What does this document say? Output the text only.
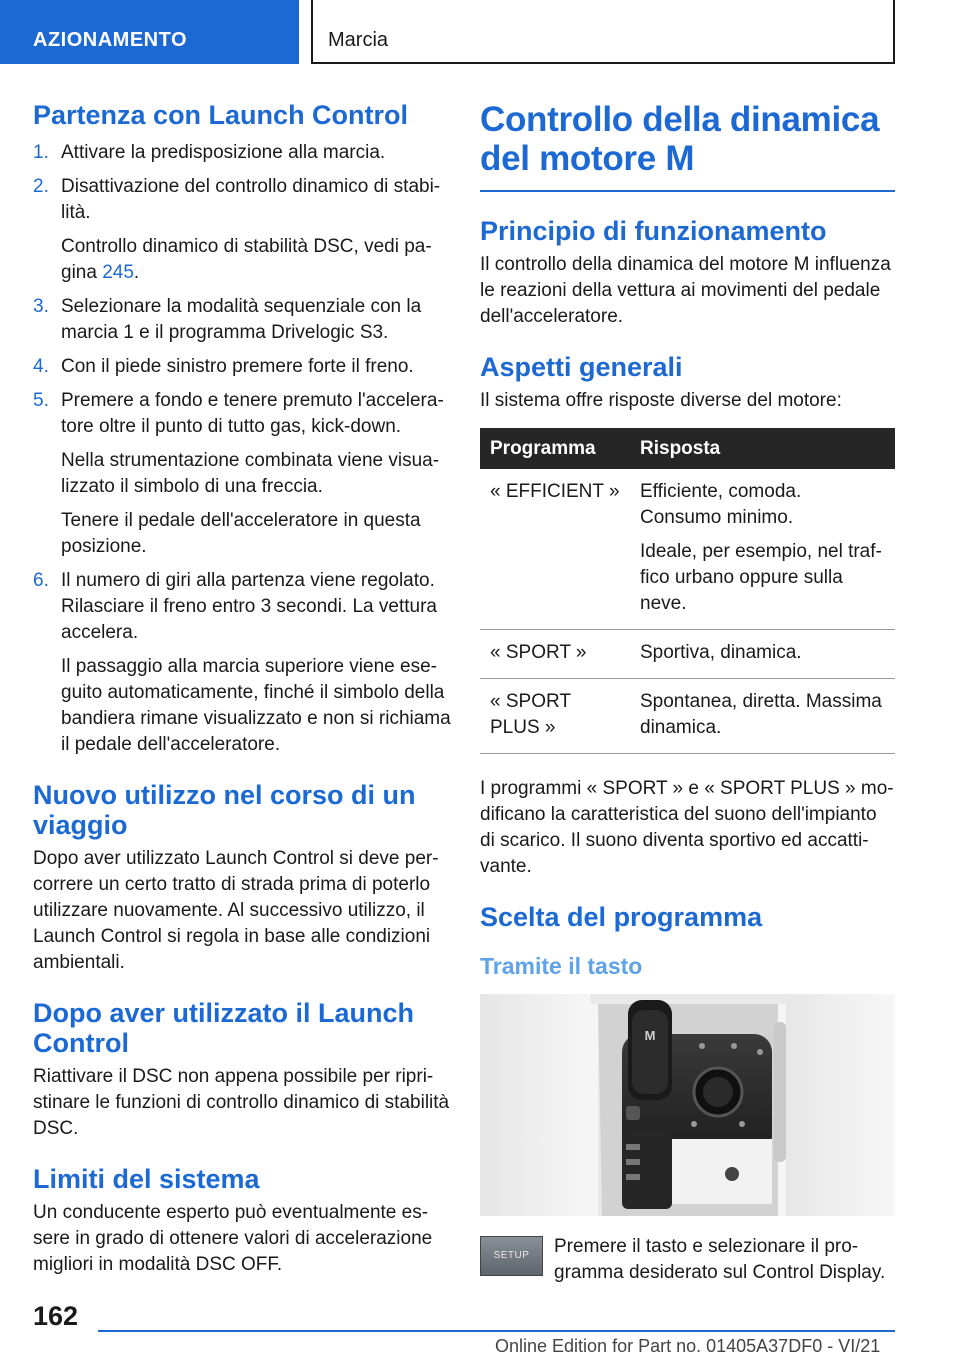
AZIONAMENTO	Marcia
Partenza con Launch Control
1. Attivare la predisposizione alla marcia.
2. Disattivazione del controllo dinamico di stabi-lità.
Controllo dinamico di stabilità DSC, vedi pa-gina 245.
3. Selezionare la modalità sequenziale con la marcia 1 e il programma Drivelogic S3.
4. Con il piede sinistro premere forte il freno.
5. Premere a fondo e tenere premuto l'accelera-tore oltre il punto di tutto gas, kick-down.
Nella strumentazione combinata viene visua-lizzato il simbolo di una freccia.
Tenere il pedale dell'acceleratore in questa posizione.
6. Il numero di giri alla partenza viene regolato. Rilasciare il freno entro 3 secondi. La vettura accelera.
Il passaggio alla marcia superiore viene ese-guito automaticamente, finché il simbolo della bandiera rimane visualizzato e non si richiama il pedale dell'acceleratore.
Nuovo utilizzo nel corso di un viaggio

Dopo aver utilizzato Launch Control si deve per-correre un certo tratto di strada prima di poterlo utilizzare nuovamente. Al successivo utilizzo, il Launch Control si regola in base alle condizioni ambientali.

Dopo aver utilizzato il Launch Control

Riattivare il DSC non appena possibile per ripri-stinare le funzioni di controllo dinamico di stabilità DSC.

Limiti del sistema

Un conducente esperto può eventualmente es-sere in grado di ottenere valori di accelerazione migliori in modalità DSC OFF.

Controllo della dinamica del motore M
Principio di funzionamento

Il controllo della dinamica del motore M influenza le reazioni della vettura ai movimenti del pedale dell'acceleratore.

Aspetti generali

Il sistema offre risposte diverse del motore:

Programma	Risposta
« EFFICIENT »	Efficiente, comoda. Consumo minimo.
Ideale, per esempio, nel traf-fico urbano oppure sulla neve.

« SPORT »	Sportiva, dinamica.
« SPORT PLUS »	Spontanea, diretta. Massima dinamica.

I programmi « SPORT » e « SPORT PLUS » mo-dificano la caratteristica del suono dell'impianto di scarico. Il suono diventa sportivo ed accatti-vante.

Scelta del programma
Tramite il tasto
M
SETUP	Premere il tasto e selezionare il pro-gramma desiderato sul Control Display.

162
Online Edition for Part no. 01405A37DF0 - VI/21
